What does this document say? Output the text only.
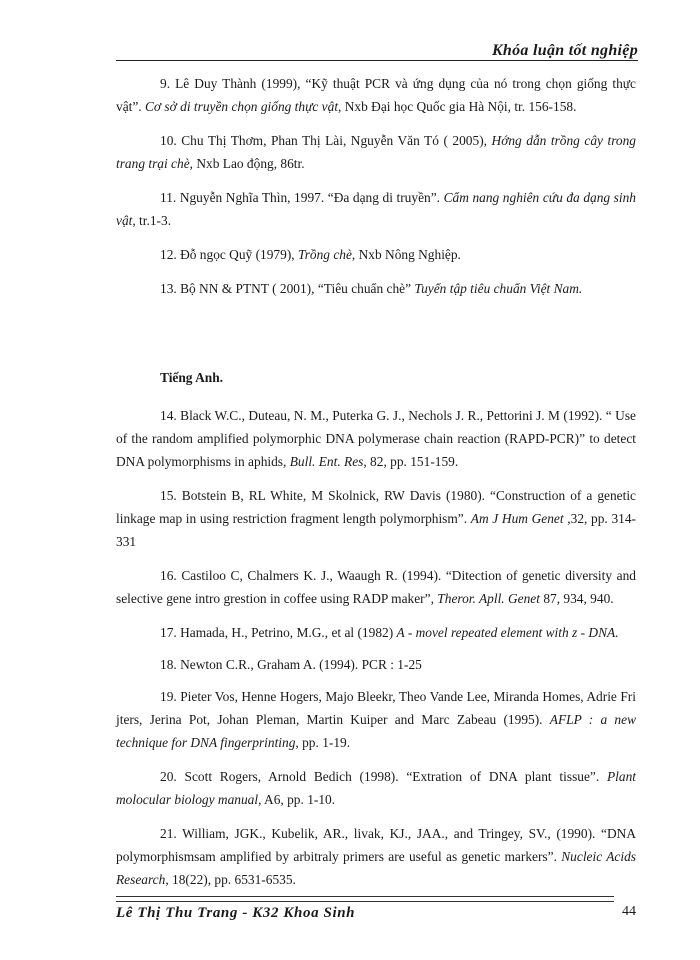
Khóa luận tốt nghiệp

9. Lê Duy Thành (1999), “Kỹ thuật PCR và ứng dụng của nó trong chọn giống thực vật”. Cơ sở di truyền chọn giống thực vật, Nxb Đại học Quốc gia Hà Nội, tr. 156-158.

10. Chu Thị Thơm, Phan Thị Lài, Nguyễn Văn Tó ( 2005), Hớng dẫn trồng cây trong trang trại chè, Nxb Lao động, 86tr.

11. Nguyễn Nghĩa Thìn, 1997. “Đa dạng di truyền”. Cẩm nang nghiên cứu đa dạng sinh vật, tr.1-3.

12. Đỗ ngọc Quỹ (1979), Trồng chè, Nxb Nông Nghiệp.

13. Bộ NN & PTNT ( 2001), “Tiêu chuẩn chè” Tuyển tập tiêu chuẩn Việt Nam.

Tiếng Anh.

14. Black W.C., Duteau, N. M., Puterka G. J., Nechols J. R., Pettorini J. M (1992). “ Use of the random amplified polymorphic DNA polymerase chain reaction (RAPD-PCR)” to detect DNA polymorphisms in aphids, Bull. Ent. Res, 82, pp. 151-159.

15. Botstein B, RL White, M Skolnick, RW Davis (1980). “Construction of a genetic linkage map in using restriction fragment length polymorphism”. Am J Hum Genet ,32, pp. 314-331

16. Castiloo C, Chalmers K. J., Waaugh R. (1994). “Ditection of genetic diversity and selective gene intro grestion in coffee using RADP maker”, Theror. Apll. Genet 87, 934, 940.

17. Hamada, H., Petrino, M.G., et al (1982) A - movel repeated element with z - DNA.

18. Newton C.R., Graham A. (1994). PCR : 1-25

19. Pieter Vos, Henne Hogers, Majo Bleekr, Theo Vande Lee, Miranda Homes, Adrie Fri jters, Jerina Pot, Johan Pleman, Martin Kuiper and Marc Zabeau (1995). AFLP : a new technique for DNA fingerprinting, pp. 1-19.

20. Scott Rogers, Arnold Bedich (1998). “Extration of DNA plant tissue”. Plant molocular biology manual, A6, pp. 1-10.

21. William, JGK., Kubelik, AR., livak, KJ., JAA., and Tringey, SV., (1990). “DNA polymorphismsam amplified by arbitraly primers are useful as genetic markers”. Nucleic Acids Research, 18(22), pp. 6531-6535.

Lê Thị Thu Trang - K32 Khoa Sinh	44
